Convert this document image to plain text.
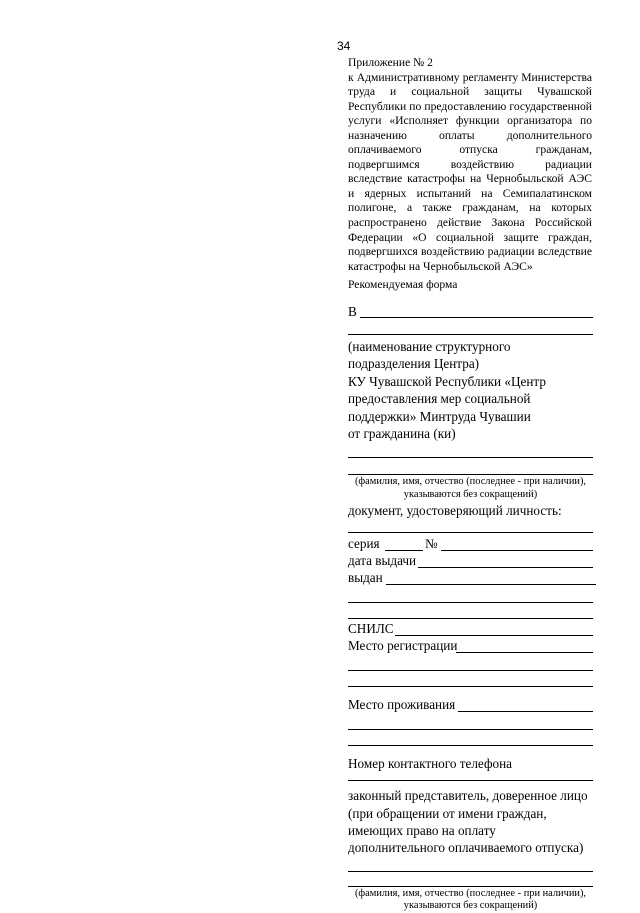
34
Приложение № 2
к Административному регламенту Министерства труда и социальной защиты Чувашской Республики по предоставлению государственной услуги «Исполняет функции организатора по назначению оплаты дополнительного оплачиваемого отпуска гражданам, подвергшимся воздействию радиации вследствие катастрофы на Чернобыльской АЭС и ядерных испытаний на Семипалатинском полигоне, а также гражданам, на которых распространено действие Закона Российской Федерации «О социальной защите граждан, подвергшихся воздействию радиации вследствие катастрофы на Чернобыльской АЭС»
Рекомендуемая форма
В
(наименование структурного подразделения Центра)
КУ Чувашской Республики «Центр предоставления мер социальной поддержки» Минтруда Чувашии
от гражданина (ки)
(фамилия, имя, отчество (последнее - при наличии),
указываются без сокращений)
документ, удостоверяющий личность:
серия	№
дата выдачи
выдан
СНИЛС
Место регистрации
Место проживания
Номер контактного телефона
законный представитель, доверенное лицо (при обращении от имени граждан, имеющих право на оплату дополнительного оплачиваемого отпуска)
(фамилия, имя, отчество (последнее - при наличии),
указываются без сокращений)
